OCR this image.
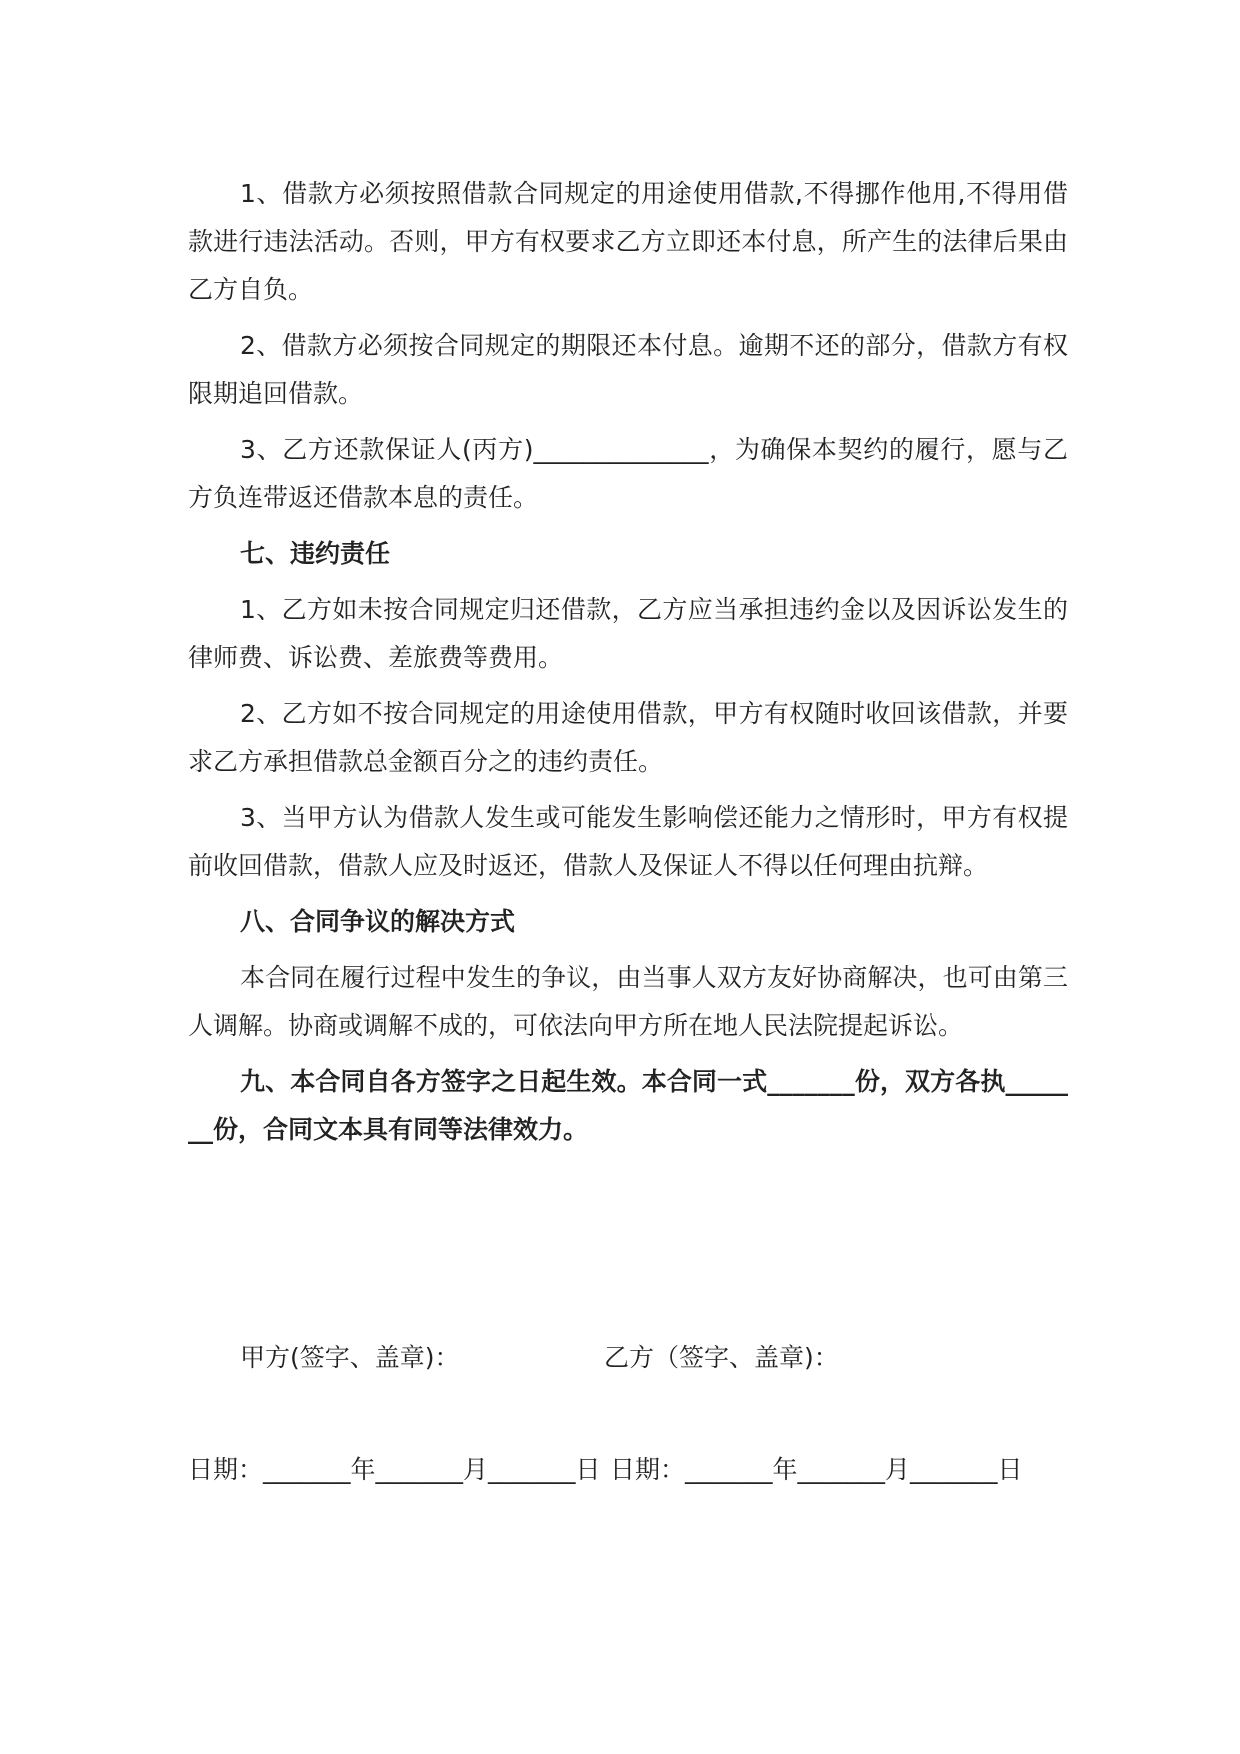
1、借款方必须按照借款合同规定的用途使用借款,不得挪作他用,不得用借款进行违法活动。否则，甲方有权要求乙方立即还本付息，所产生的法律后果由乙方自负。

2、借款方必须按合同规定的期限还本付息。逾期不还的部分，借款方有权限期追回借款。

3、乙方还款保证人(丙方)______________，为确保本契约的履行，愿与乙方负连带返还借款本息的责任。

七、违约责任

1、乙方如未按合同规定归还借款，乙方应当承担违约金以及因诉讼发生的律师费、诉讼费、差旅费等费用。

2、乙方如不按合同规定的用途使用借款，甲方有权随时收回该借款，并要求乙方承担借款总金额百分之的违约责任。

3、当甲方认为借款人发生或可能发生影响偿还能力之情形时，甲方有权提前收回借款，借款人应及时返还，借款人及保证人不得以任何理由抗辩。

八、合同争议的解决方式

本合同在履行过程中发生的争议，由当事人双方友好协商解决，也可由第三人调解。协商或调解不成的，可依法向甲方所在地人民法院提起诉讼。

九、本合同自各方签字之日起生效。本合同一式_______份，双方各执_______份，合同文本具有同等法律效力。

甲方(签字、盖章)：	乙方（签字、盖章)：
日期：_______年_______月_______日 日期：_______年_______月_______日
